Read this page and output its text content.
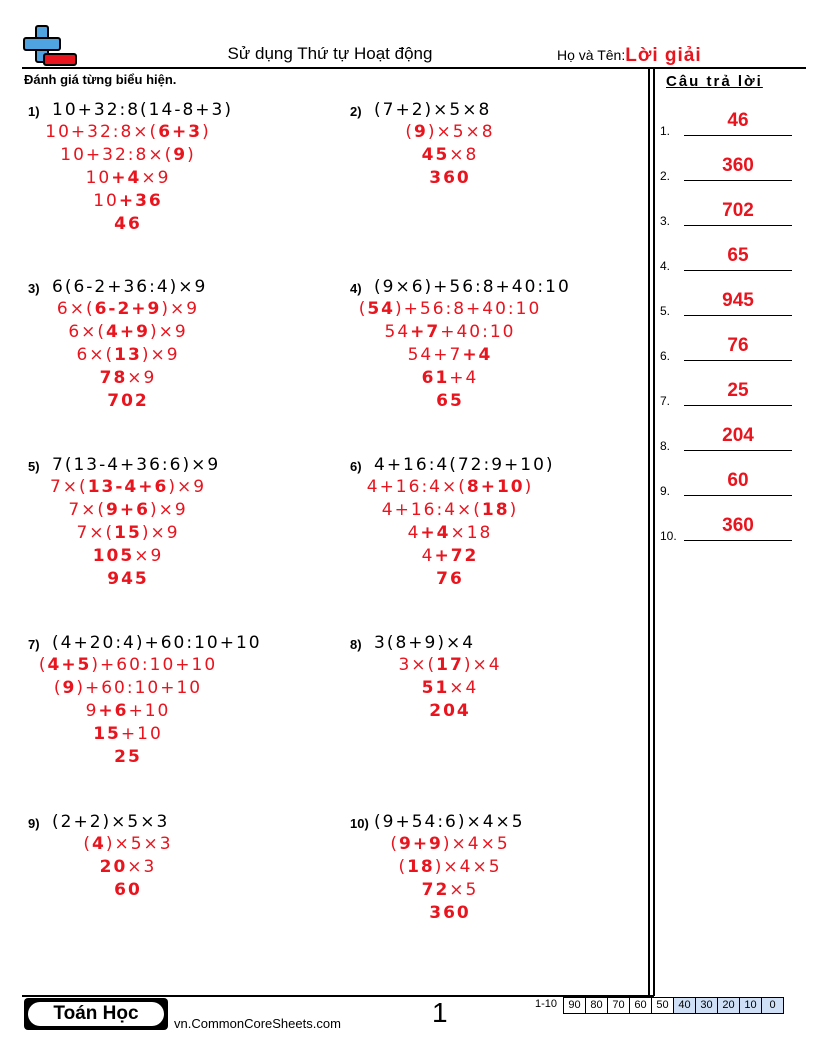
Sử dụng Thứ tự Hoạt động	Họ và Tên:Lời giải
Đánh giá từng biểu hiện.
1) 10+32:8(14-8+3)
10+32:8×(6+3)
10+32:8×(9)
10+4×9
10+36
46
2) (7+2)×5×8
(9)×5×8
45×8
360
3) 6(6-2+36:4)×9
6×(6-2+9)×9
6×(4+9)×9
6×(13)×9
78×9
702
4) (9×6)+56:8+40:10
(54)+56:8+40:10
54+7+40:10
54+7+4
61+4
65
5) 7(13-4+36:6)×9
7×(13-4+6)×9
7×(9+6)×9
7×(15)×9
105×9
945
6) 4+16:4(72:9+10)
4+16:4×(8+10)
4+16:4×(18)
4+4×18
4+72
76
7) (4+20:4)+60:10+10
(4+5)+60:10+10
(9)+60:10+10
9+6+10
15+10
25
8) 3(8+9)×4
3×(17)×4
51×4
204
9) (2+2)×5×3
(4)×5×3
20×3
60
10) (9+54:6)×4×5
(9+9)×4×5
(18)×4×5
72×5
360
Câu trả lời
1.	46
2.	360
3.	702
4.	65
5.	945
6.	76
7.	25
8.	204
9.	60
10.	360
Toán Học	vn.CommonCoreSheets.com	1	1-10	90 80 70 60 50 40 30 20 10	0
